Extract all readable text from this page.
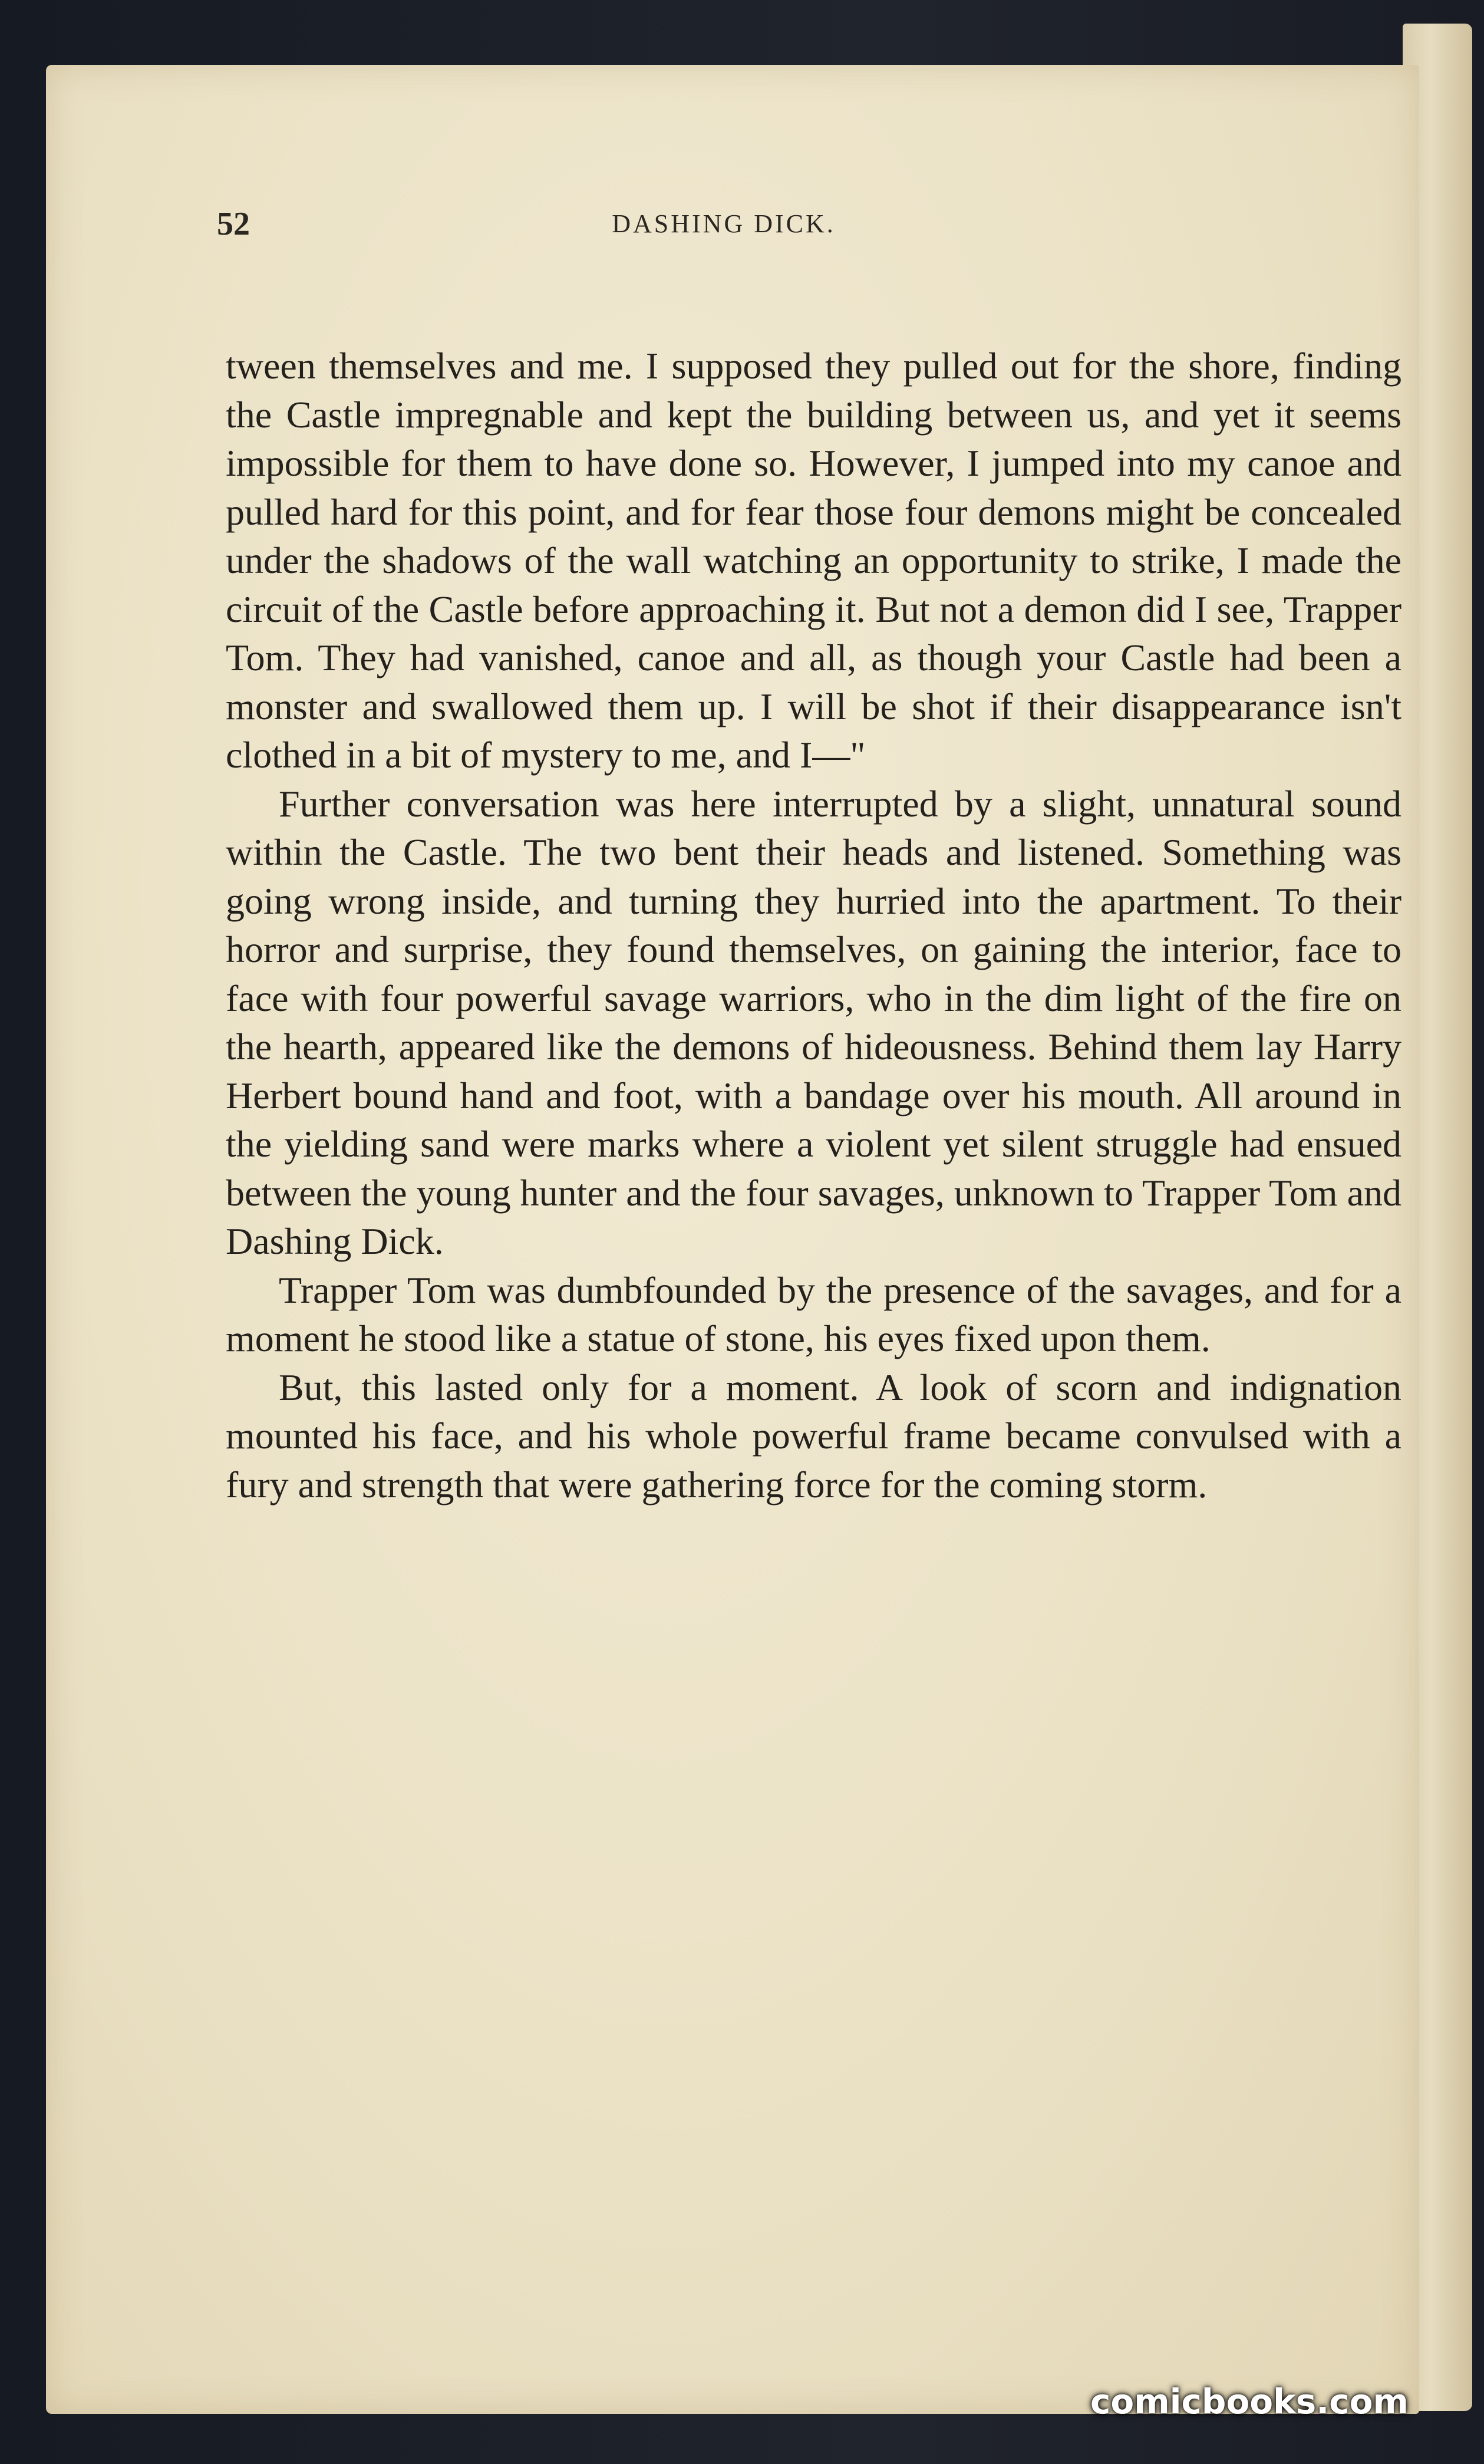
52	DASHING DICK.

tween themselves and me. I supposed they pulled out for the shore, finding the Castle impregnable and kept the building between us, and yet it seems impossible for them to have done so. However, I jumped into my canoe and pulled hard for this point, and for fear those four demons might be concealed under the shadows of the wall watching an opportunity to strike, I made the circuit of the Castle before approaching it. But not a demon did I see, Trapper Tom. They had vanished, canoe and all, as though your Castle had been a monster and swallowed them up. I will be shot if their disappearance isn't clothed in a bit of mystery to me, and I—"

Further conversation was here interrupted by a slight, unnatural sound within the Castle. The two bent their heads and listened. Something was going wrong inside, and turning they hurried into the apartment. To their horror and surprise, they found themselves, on gaining the interior, face to face with four powerful savage warriors, who in the dim light of the fire on the hearth, appeared like the demons of hideousness. Behind them lay Harry Herbert bound hand and foot, with a bandage over his mouth. All around in the yielding sand were marks where a violent yet silent struggle had ensued between the young hunter and the four savages, unknown to Trapper Tom and Dashing Dick.

Trapper Tom was dumbfounded by the presence of the savages, and for a moment he stood like a statue of stone, his eyes fixed upon them.

But, this lasted only for a moment. A look of scorn and indignation mounted his face, and his whole powerful frame became convulsed with a fury and strength that were gathering force for the coming storm.

comicbooks.com
